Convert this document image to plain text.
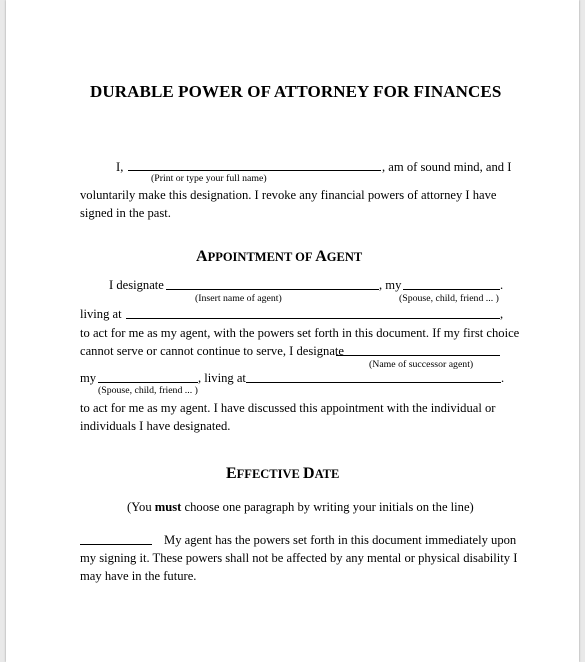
DURABLE POWER OF ATTORNEY FOR FINANCES
I,	, am of sound mind, and I
(Print or type your full name)
voluntarily make this designation. I revoke any financial powers of attorney I have
signed in the past.
APPOINTMENT OF AGENT
I designate	, my	.
(Insert name of agent)	(Spouse, child, friend ... )
living at	,
to act for me as my agent, with the powers set forth in this document. If my first choice
cannot serve or cannot continue to serve, I designate
(Name of successor agent)
my	, living at	.
(Spouse, child, friend ... )
to act for me as my agent. I have discussed this appointment with the individual or
individuals I have designated.
EFFECTIVE DATE
(You must choose one paragraph by writing your initials on the line)
My agent has the powers set forth in this document immediately upon
my signing it. These powers shall not be affected by any mental or physical disability I
may have in the future.
